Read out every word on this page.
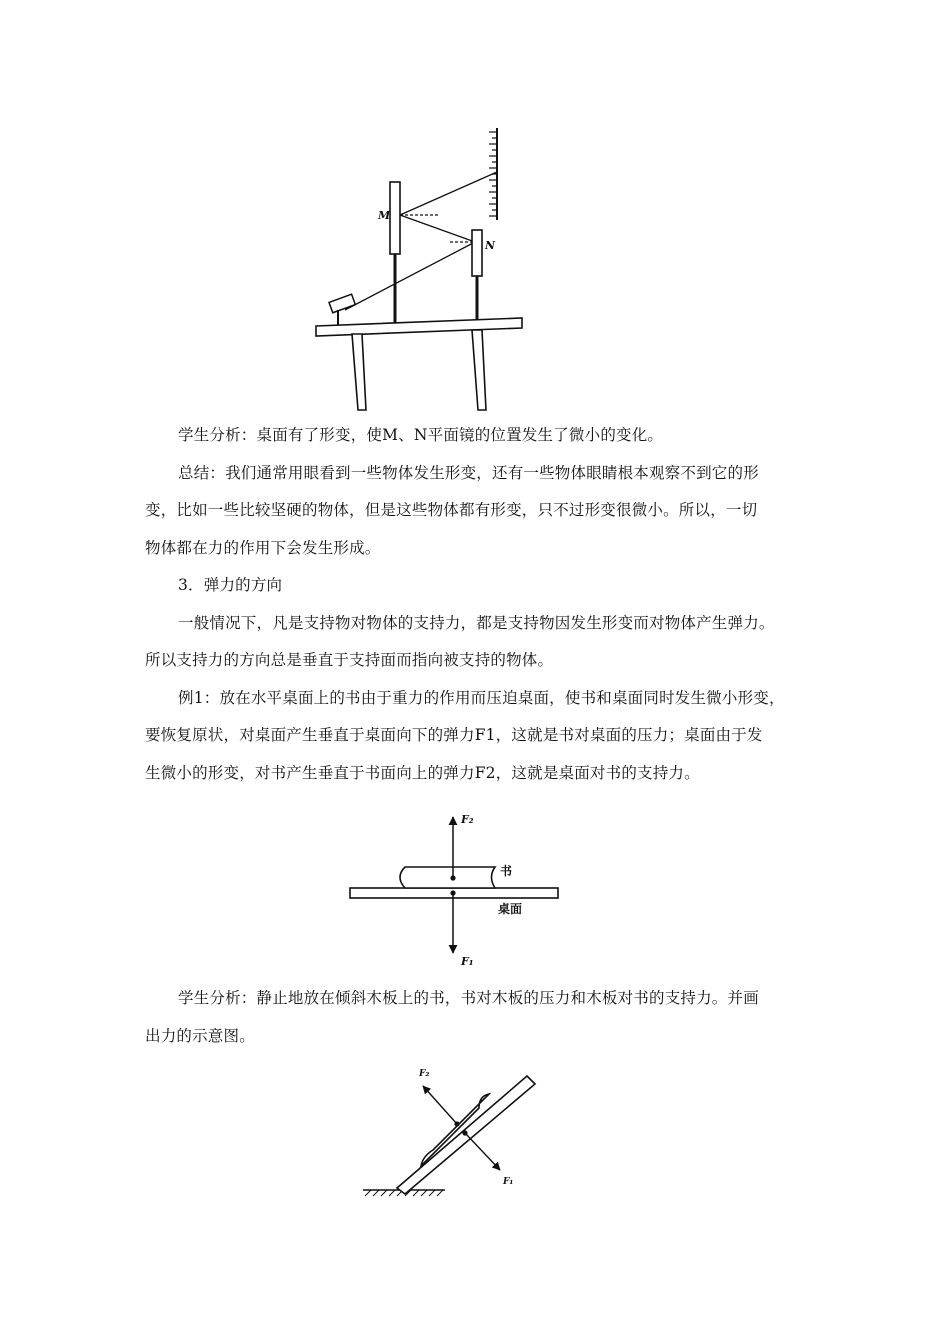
M
N

学生分析：桌面有了形变，使M、N平面镜的位置发生了微小的变化。

总结：我们通常用眼看到一些物体发生形变，还有一些物体眼睛根本观察不到它的形

变，比如一些比较坚硬的物体，但是这些物体都有形变，只不过形变很微小。所以，一切

物体都在力的作用下会发生形成。

3．弹力的方向

一般情况下，凡是支持物对物体的支持力，都是支持物因发生形变而对物体产生弹力。

所以支持力的方向总是垂直于支持面而指向被支持的物体。

例1：放在水平桌面上的书由于重力的作用而压迫桌面，使书和桌面同时发生微小形变，

要恢复原状，对桌面产生垂直于桌面向下的弹力F1，这就是书对桌面的压力；桌面由于发

生微小的形变，对书产生垂直于书面向上的弹力F2，这就是桌面对书的支持力。

F₂
F₁
书
桌面

学生分析：静止地放在倾斜木板上的书，书对木板的压力和木板对书的支持力。并画

出力的示意图。

F₂
F₁
